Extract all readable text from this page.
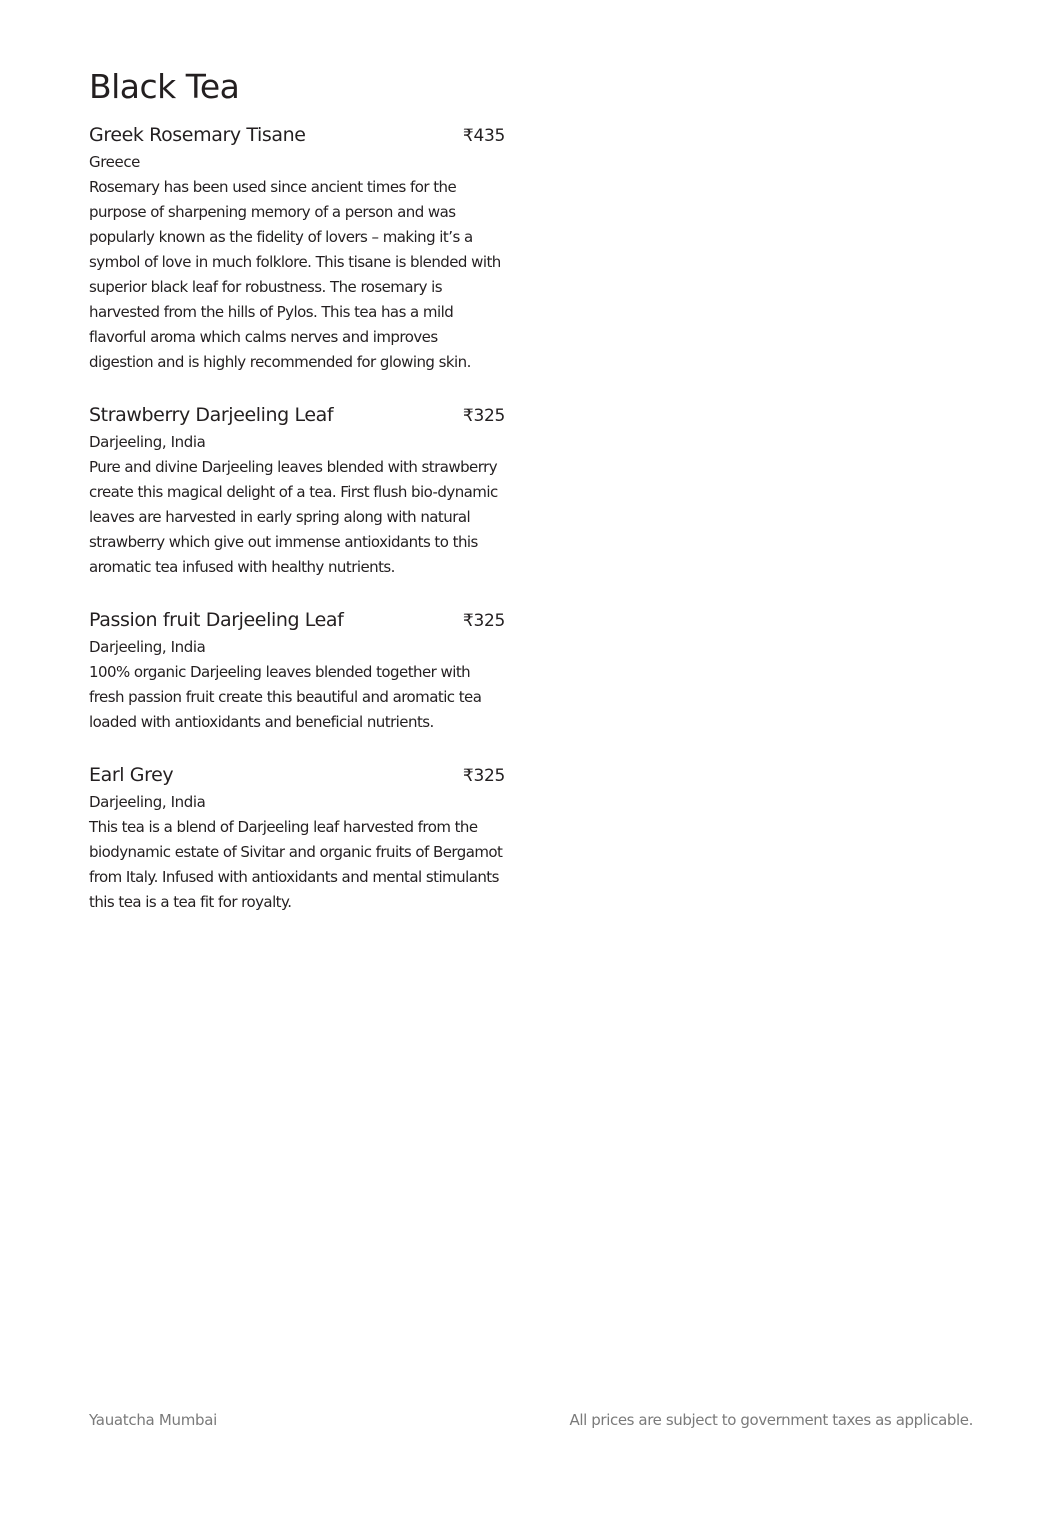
Black Tea
Greek Rosemary Tisane	₹435
Greece

Rosemary has been used since ancient times for the purpose of sharpening memory of a person and was popularly known as the fidelity of lovers – making it’s a symbol of love in much folklore. This tisane is blended with superior black leaf for robustness. The rosemary is harvested from the hills of Pylos. This tea has a mild flavorful aroma which calms nerves and improves digestion and is highly recommended for glowing skin.

Strawberry Darjeeling Leaf	₹325
Darjeeling, India

Pure and divine Darjeeling leaves blended with strawberry create this magical delight of a tea. First flush bio-dynamic leaves are harvested in early spring along with natural strawberry which give out immense antioxidants to this aromatic tea infused with healthy nutrients.

Passion fruit Darjeeling Leaf	₹325
Darjeeling, India

100% organic Darjeeling leaves blended together with fresh passion fruit create this beautiful and aromatic tea loaded with antioxidants and beneficial nutrients.

Earl Grey	₹325
Darjeeling, India

This tea is a blend of Darjeeling leaf harvested from the biodynamic estate of Sivitar and organic fruits of Bergamot from Italy. Infused with antioxidants and mental stimulants this tea is a tea fit for royalty.

Yauatcha Mumbai	All prices are subject to government taxes as applicable.
